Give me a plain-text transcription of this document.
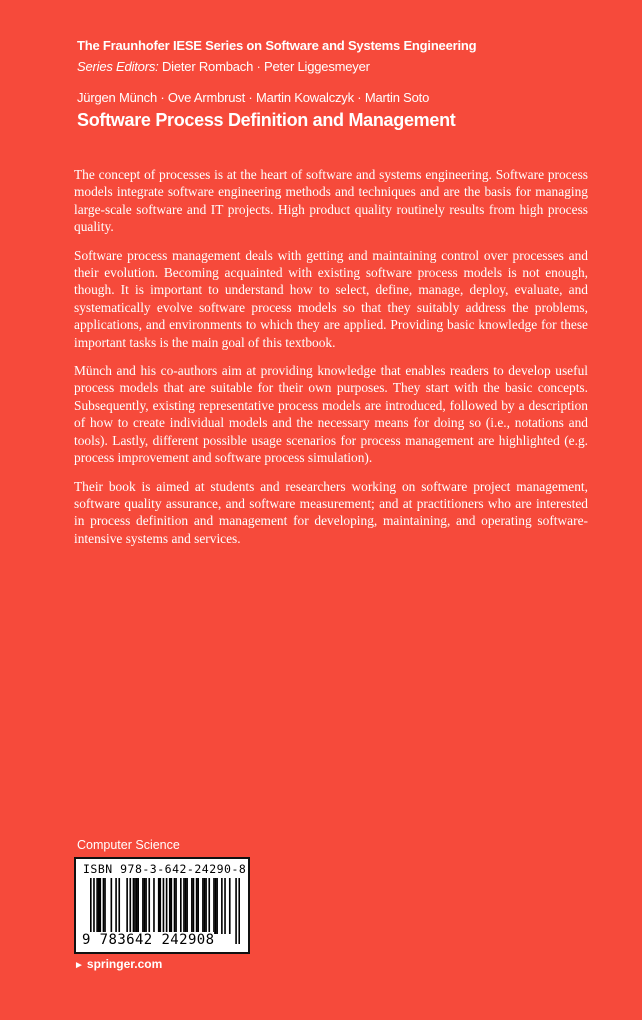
The Fraunhofer IESE Series on Software and Systems Engineering
Series Editors: Dieter Rombach · Peter Liggesmeyer
Jürgen Münch · Ove Armbrust · Martin Kowalczyk · Martin Soto
Software Process Definition and Management

The concept of processes is at the heart of software and systems engineering. Software process models integrate software engineering methods and techniques and are the basis for managing large-scale software and IT projects. High product quality routinely results from high process quality.

Software process management deals with getting and maintaining control over processes and their evolution. Becoming acquainted with existing software process models is not enough, though. It is important to understand how to select, define, manage, deploy, evaluate, and systematically evolve software process models so that they suitably address the problems, applications, and environments to which they are applied. Providing basic knowledge for these important tasks is the main goal of this textbook.

Münch and his co-authors aim at providing knowledge that enables readers to develop useful process models that are suitable for their own purposes. They start with the basic concepts. Subsequently, existing representative process models are introduced, followed by a description of how to create individual models and the necessary means for doing so (i.e., notations and tools). Lastly, different possible usage scenarios for process management are highlighted (e.g. process improvement and software process simulation).

Their book is aimed at students and researchers working on software project management, software quality assurance, and software measurement; and at practitioners who are interested in process definition and management for developing, maintaining, and operating software-intensive systems and services.

Computer Science
ISBN 978-3-642-24290-8
9 783642 242908
► springer.com
